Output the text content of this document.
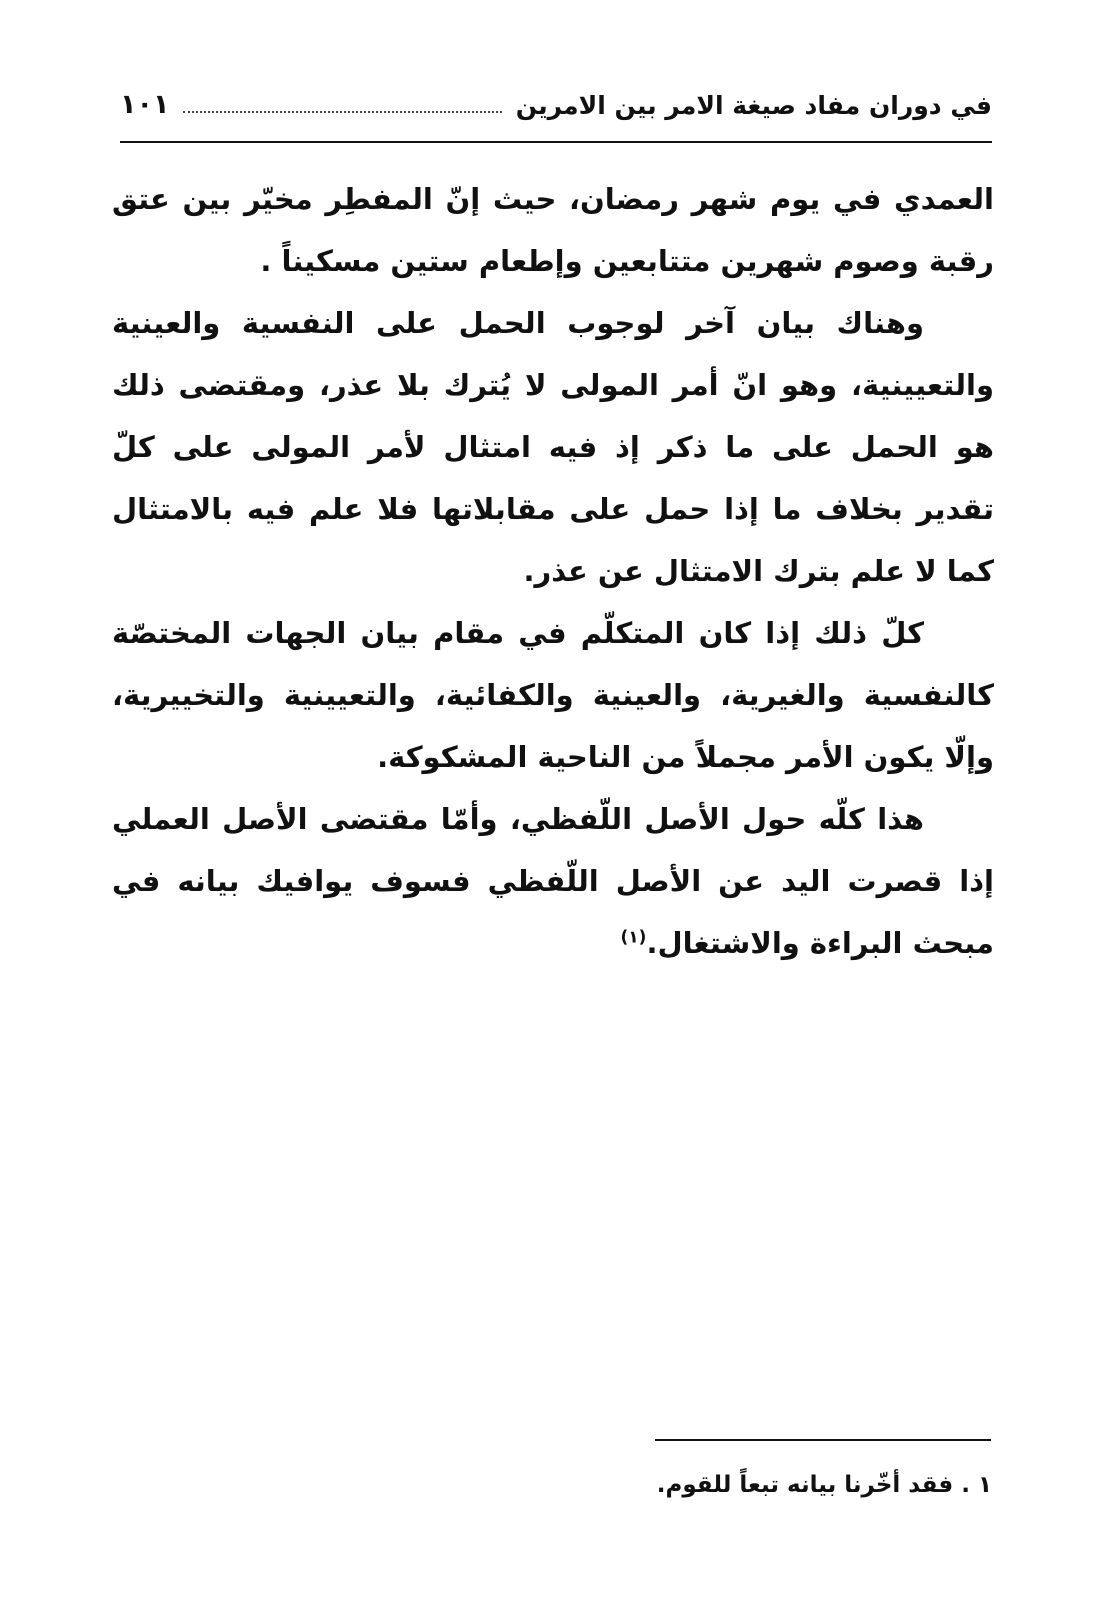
في دوران مفاد صيغة الامر بين الامرين
١٠١

العمدي في يوم شهر رمضان، حيث إنّ المفطِر مخيّر بين عتق رقبة وصوم شهرين متتابعين وإطعام ستين مسكيناً .

وهناك بيان آخر لوجوب الحمل على النفسية والعينية والتعيينية، وهو انّ أمر المولى لا يُترك بلا عذر، ومقتضى ذلك هو الحمل على ما ذكر إذ فيه امتثال لأمر المولى على كلّ تقدير بخلاف ما إذا حمل على مقابلاتها فلا علم فيه بالامتثال كما لا علم بترك الامتثال عن عذر.

كلّ ذلك إذا كان المتكلّم في مقام بيان الجهات المختصّة كالنفسية والغيرية، والعينية والكفائية، والتعيينية والتخييرية، وإلّا يكون الأمر مجملاً من الناحية المشكوكة.

هذا كلّه حول الأصل اللّفظي، وأمّا مقتضى الأصل العملي إذا قصرت اليد عن الأصل اللّفظي فسوف يوافيك بيانه في مبحث البراءة والاشتغال.$^{(١)}$

١ . فقد أخّرنا بيانه تبعاً للقوم.
